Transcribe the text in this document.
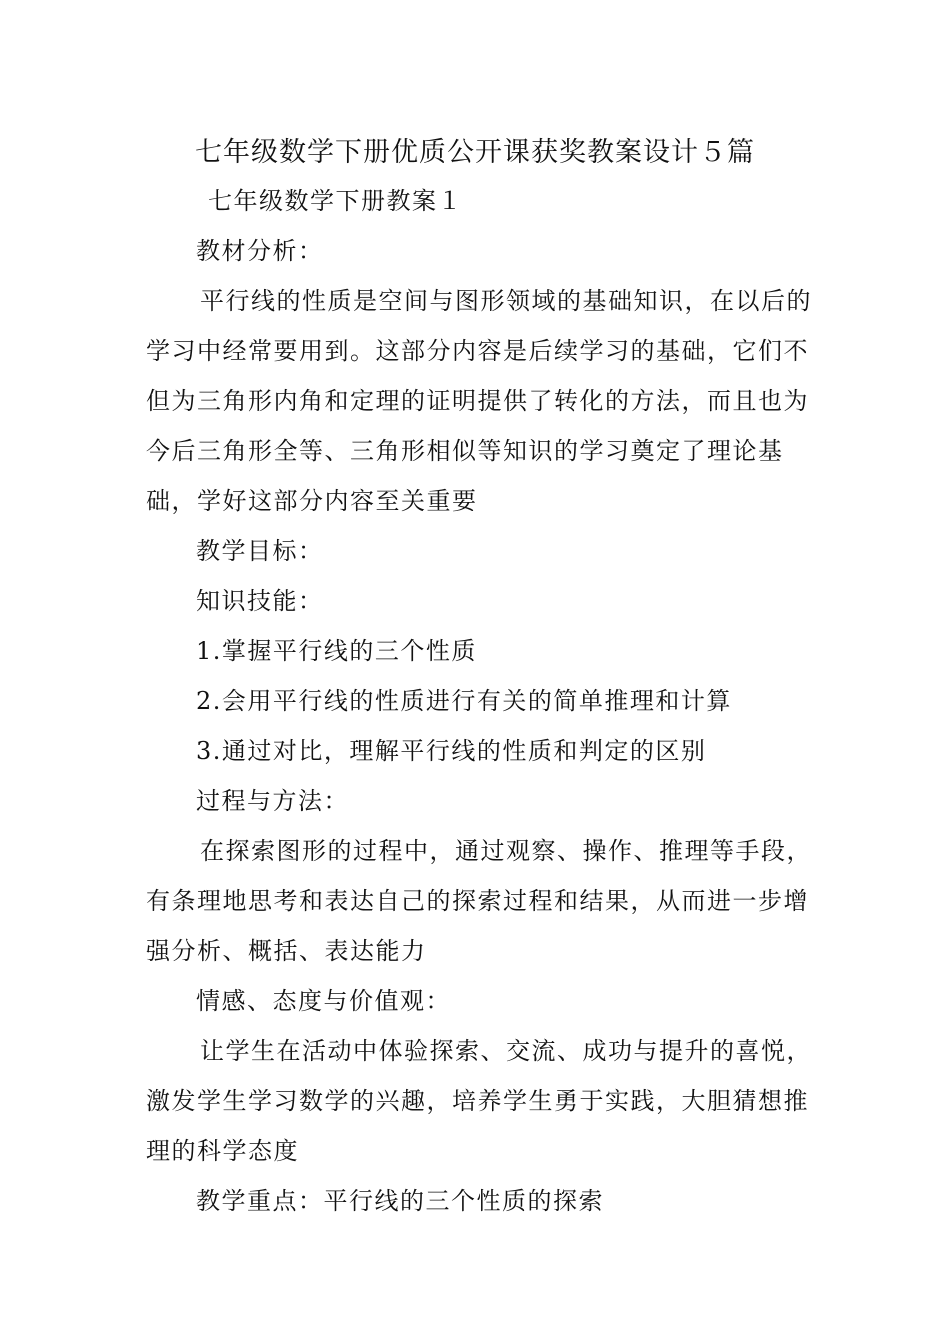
七年级数学下册优质公开课获奖教案设计５篇

七年级数学下册教案１

教材分析：

平行线的性质是空间与图形领域的基础知识，在以后的学习中经常要用到。这部分内容是后续学习的基础，它们不但为三角形内角和定理的证明提供了转化的方法，而且也为今后三角形全等、三角形相似等知识的学习奠定了理论基础，学好这部分内容至关重要

教学目标：

知识技能：

1.掌握平行线的三个性质

2.会用平行线的性质进行有关的简单推理和计算

3.通过对比，理解平行线的性质和判定的区别

过程与方法：

在探索图形的过程中，通过观察、操作、推理等手段，有条理地思考和表达自己的探索过程和结果，从而进一步增强分析、概括、表达能力

情感、态度与价值观：

让学生在活动中体验探索、交流、成功与提升的喜悦，激发学生学习数学的兴趣，培养学生勇于实践，大胆猜想推理的科学态度

教学重点：平行线的三个性质的探索
